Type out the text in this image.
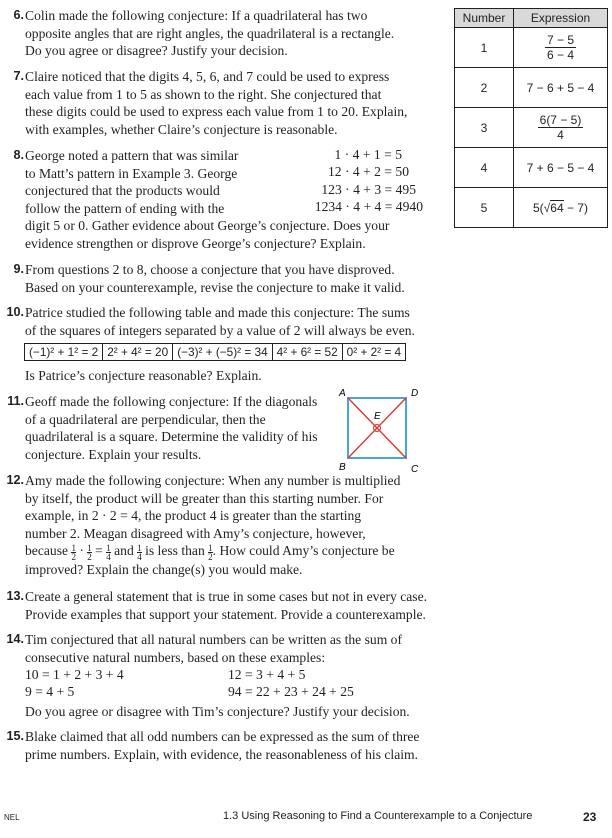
6. Colin made the following conjecture: If a quadrilateral has two
opposite angles that are right angles, the quadrilateral is a rectangle.
Do you agree or disagree? Justify your decision.
7. Claire noticed that the digits 4, 5, 6, and 7 could be used to express
each value from 1 to 5 as shown to the right. She conjectured that
these digits could be used to express each value from 1 to 20. Explain,
with examples, whether Claire’s conjecture is reasonable.
8. George noted a pattern that was similar
to Matt’s pattern in Example 3. George
conjectured that the products would
follow the pattern of ending with the
digit 5 or 0. Gather evidence about George’s conjecture. Does your
evidence strengthen or disprove George’s conjecture? Explain.
1 · 4 + 1 = 5
12 · 4 + 2 = 50
123 · 4 + 3 = 495
1234 · 4 + 4 = 4940
9. From questions 2 to 8, choose a conjecture that you have disproved.
Based on your counterexample, revise the conjecture to make it valid.
10. Patrice studied the following table and made this conjecture: The sums
of the squares of integers separated by a value of 2 will always be even.
(−1)² + 1² = 2 2² + 4² = 20 (−3)² + (−5)² = 34 4² + 6² = 52 0² + 2² = 4
Is Patrice’s conjecture reasonable? Explain.
11. Geoff made the following conjecture: If the diagonals
of a quadrilateral are perpendicular, then the
quadrilateral is a square. Determine the validity of his
conjecture. Explain your results.
A	D
B	C
E
12. Amy made the following conjecture: When any number is multiplied
by itself, the product will be greater than this starting number. For
example, in 2 · 2 = 4, the product 4 is greater than the starting
number 2. Meagan disagreed with Amy’s conjecture, however,
because $\frac{1}{2} \cdot \frac{1}{2} = \frac{1}{4}$ and $\frac{1}{4}$ is less than $\frac{1}{2}$ . How could Amy’s conjecture be
improved? Explain the change(s) you would make.
13. Create a general statement that is true in some cases but not in every case.
Provide examples that support your statement. Provide a counterexample.
14. Tim conjectured that all natural numbers can be written as the sum of
consecutive natural numbers, based on these examples:
10 = 1 + 2 + 3 + 4	12 = 3 + 4 + 5
9 = 4 + 5	94 = 22 + 23 + 24 + 25
Do you agree or disagree with Tim’s conjecture? Justify your decision.
15. Blake claimed that all odd numbers can be expressed as the sum of three
prime numbers. Explain, with evidence, the reasonableness of his claim.
Number	Expression
1	$\frac{7 - 5}{6 - 4}$

2	7 − 6 + 5 − 4
3	$\frac{6(7 - 5)}{4}$

4	7 + 6 − 5 − 4
5	5(√64 − 7)
NEL	1.3 Using Reasoning to Find a Counterexample to a Conjecture	23
